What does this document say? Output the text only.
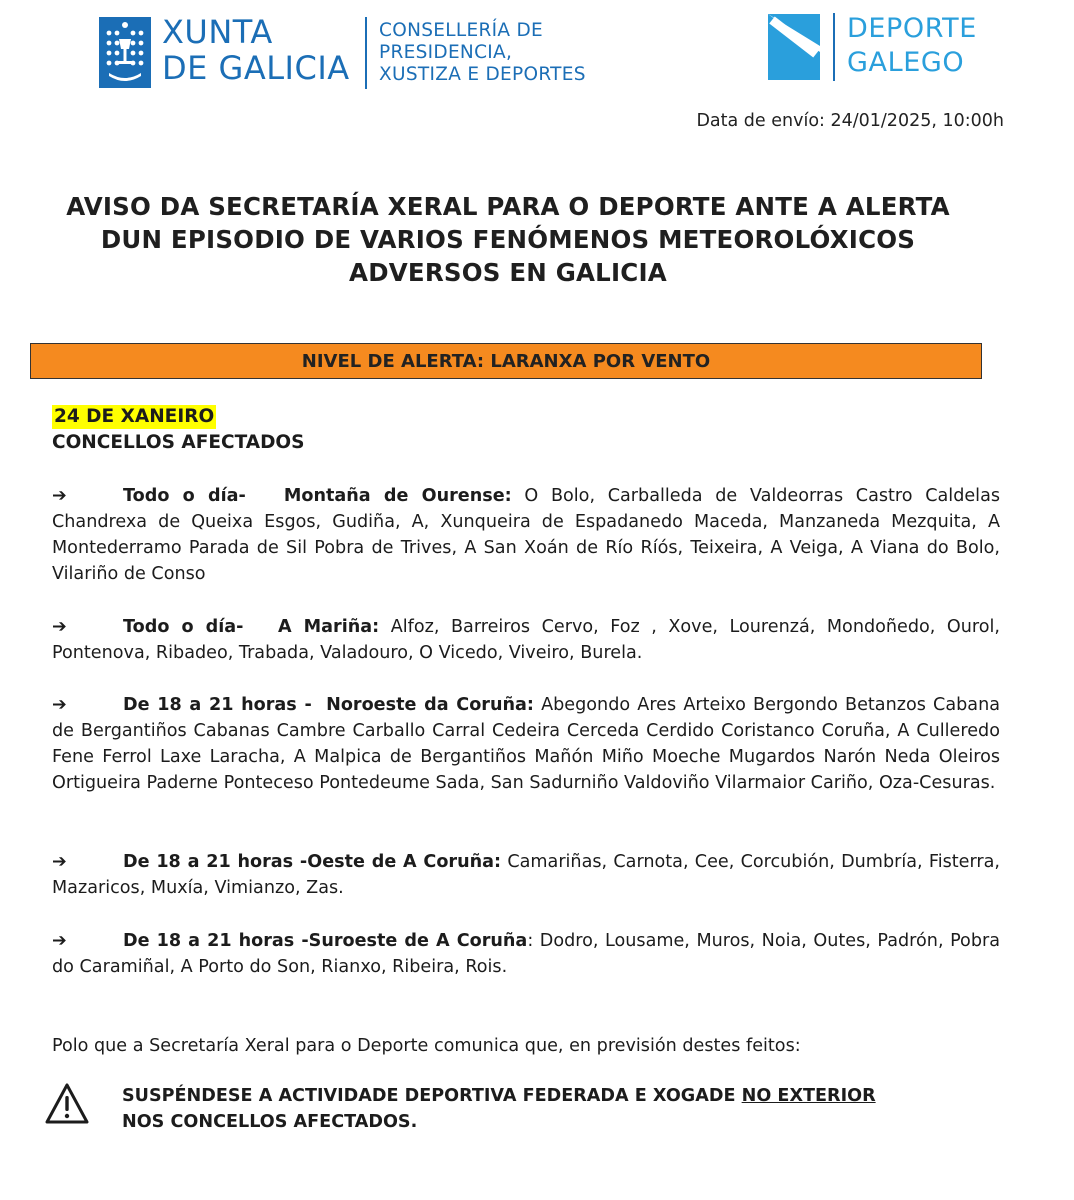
XUNTA
DE GALICIA
CONSELLERÍA DE
PRESIDENCIA,
XUSTIZA E DEPORTES
DEPORTE
GALEGO
Data de envío: 24/01/2025, 10:00h
AVISO DA SECRETARÍA XERAL PARA O DEPORTE ANTE A ALERTA DUN EPISODIO DE VARIOS FENÓMENOS METEOROLÓXICOS ADVERSOS EN GALICIA
NIVEL DE ALERTA: LARANXA POR VENTO
24 DE XANEIRO
CONCELLOS AFECTADOS
➔	Todo o día- Montaña de Ourense: O Bolo, Carballeda de Valdeorras Castro Caldelas Chandrexa de Queixa Esgos, Gudiña, A, Xunqueira de Espadanedo Maceda, Manzaneda Mezquita, A Montederramo Parada de Sil Pobra de Trives, A San Xoán de Río Ríós, Teixeira, A Veiga, A Viana do Bolo, Vilariño de Conso
➔	Todo o día- A Mariña: Alfoz, Barreiros Cervo, Foz , Xove, Lourenzá, Mondoñedo, Ourol, Pontenova, Ribadeo, Trabada, Valadouro, O Vicedo, Viveiro, Burela.
➔	De 18 a 21 horas - Noroeste da Coruña: Abegondo Ares Arteixo Bergondo Betanzos Cabana de Bergantiños Cabanas Cambre Carballo Carral Cedeira Cerceda Cerdido Coristanco Coruña, A Culleredo Fene Ferrol Laxe Laracha, A Malpica de Bergantiños Mañón Miño Moeche Mugardos Narón Neda Oleiros Ortigueira Paderne Ponteceso Pontedeume Sada, San Sadurniño Valdoviño Vilarmaior Cariño, Oza-Cesuras.
➔	De 18 a 21 horas -Oeste de A Coruña: Camariñas, Carnota, Cee, Corcubión, Dumbría, Fisterra, Mazaricos, Muxía, Vimianzo, Zas.
➔	De 18 a 21 horas -Suroeste de A Coruña: Dodro, Lousame, Muros, Noia, Outes, Padrón, Pobra do Caramiñal, A Porto do Son, Rianxo, Ribeira, Rois.
Polo que a Secretaría Xeral para o Deporte comunica que, en previsión destes feitos:
SUSPÉNDESE A ACTIVIDADE DEPORTIVA FEDERADA E XOGADE NO EXTERIOR NOS CONCELLOS AFECTADOS.
